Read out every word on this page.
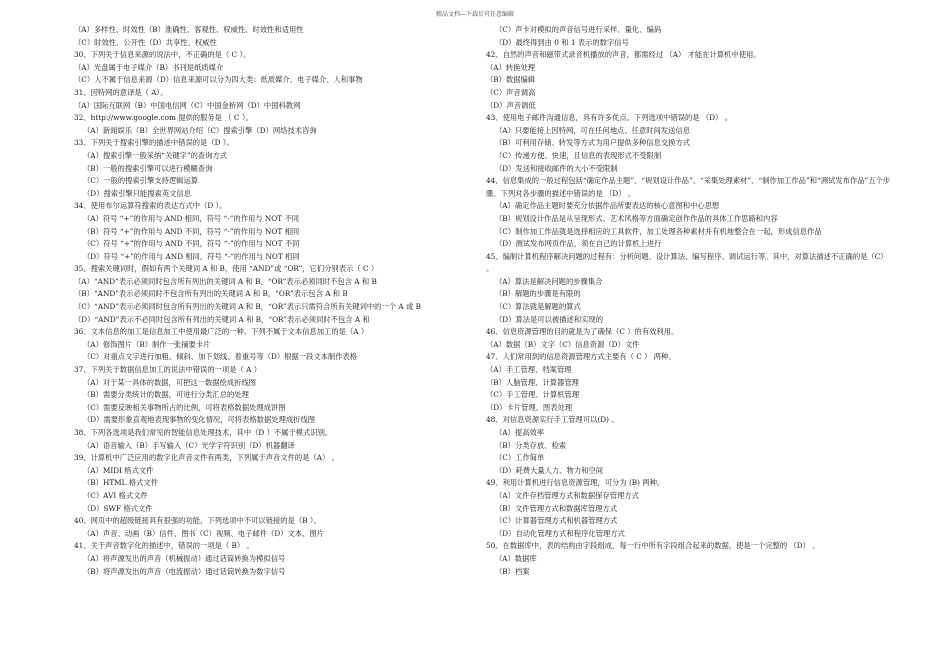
精品文档---下载后可任意编辑
（A）多样性、时效性（B）准确性、客观性、权威性、时效性和适用性
（C）时效性、公开性（D）共享性、权威性
30、下列关于信息来源的说法中，不正确的是（ C ）。
（A）光盘属于电子媒介（B）书刊是纸质媒介
（C）人不属于信息来源（D）信息来源可以分为四大类：纸质媒介、电子媒介、人和事物
31、因特网的意译是（ A）。
（A）国际互联网（B）中国电信网（C）中国金桥网（D）中国科教网
32、http://www.google.com 提供的服务是 （ C ）。
（A）新闻娱乐（B）全世界网站介绍（C）搜索引擎（D）网络技术咨询
33、下列关于搜索引擎的描述中错误的是（D ）。
（A）搜索引擎一般采纳“关键字”的查询方式
（B）一般的搜索引擎可以进行模糊查询
（C）一般的搜索引擎支持逻辑运算
（D）搜索引擎只能搜索英文信息
34、使用布尔运算符搜索的表达方式中（D ）。
（A）符号 “+”的作用与 AND 相同，符号 “-”的作用与 NOT 不同
（B）符号 “+”的作用与 AND 不同，符号 “-”的作用与 NOT 相同
（C）符号 “+”的作用与 AND 不同，符号 “-”的作用与 NOT 不同
（D）符号 “+”的作用与 AND 相同，符号 “-”的作用与 NOT 相同
35、搜索关键词时，假如有两个关键词 A 和 B，使用 “AND”或 “OR”，它们分别表示（ C ）
（A）“AND”表示必须同时包含所有列出的关键词 A 和 B，“OR”表示必须同时不包含 A 和 B
（B）“AND”表示必须同时不包含所有列出的关键词 A 和 B，“OR”表示包含 A 和 B
（C）“AND”表示必须同时包含所有列出的关键词 A 和 B，“OR”表示只需符合所有关键词中的一个 A 或 B
（D）“AND”表示不必同时包含所有列出的关键词 A 和 B，“OR”表示必须同时不包含 A 和
36、文本信息的加工是信息加工中使用最广泛的一种。下列不属于文本信息加工的是（A ）
（A）修饰图片（B）制作一张摘要卡片
（C）对重点文字进行加粗、倾斜、加下划线、着重号等（D）根据一段文本制作表格
37、下列关于数据信息加工的说法中错误的一项是（ A ）
（A）对于某一具体的数据，可把这一数据绘成折线图
（B）需要分类统计的数据，可进行分类汇总的处理
（C）需要反映相关事物所占的比例，可将表格数据处理成饼图
（D）需要形象直观地表现事物的变化情况，可将表格数据处理成折线图
38、下列各选项是我们常见的智能信息处理技术，其中（D ）不属于模式识别。
（A）语音输入（B）手写输入（C）光学字符识别（D）机器翻译
39、计算机中广泛应用的数字化声音文件有两类，下列属于声音文件的是（A） 。
（A）MIDI 格式文件
（B）HTML 格式文件
（C）AVI 格式文件
（D）SWF 格式文件
40、网页中的超级链接具有很强的功能，下列选项中不可以链接的是（B ）。
（A）声音、动画（B）信件、图书（C）视频、电子邮件（D）文本、图片
41、关于声音数字化的描述中，错误的一项是（ B） 。
（A）将声源发出的声音（机械振动）通过话筒转换为模拟信号
（B）将声源发出的声音（电流振动）通过话筒转换为数字信号
（C）声卡对模拟的声音信号进行采样、量化、编码
（D）最终得到由 0 和 1 表示的数字信号
42、自然的声音和磁带式录音机播放的声音，都需经过 （A） 才能在计算机中使用。
（A）转换处理
（B）数据编辑
（C）声音调高
（D）声音调低
43、使用电子邮件沟通信息，具有许多优点。下列选项中错误的是 （D） 。
（A）只要能接上因特网，可在任何地点、任意时间发送信息
（B）可利用存储、转发等方式为用户提供多种信息交换方式
（C）传递方便、快速，且信息的表现形式不受限制
（D）发送和接收邮件的大小不受限制
44、信息集成的一般过程包括“确定作品主题”、“规划设计作品”、“采集处理素材”、“制作加工作品”和“测试发布作品”五个步骤。下列对各步骤的描述中错误的是 （D） 。
（A）确定作品主题时要充分依据作品所要表达的核心意图和中心思想
（B）规划设计作品是从呈现形式、艺术风格等方面确定创作作品的具体工作思路和内容
（C）制作加工作品就是选择相应的工具软件，加工处理各种素材并有机地整合在一起，形成信息作品
（D）测试发布网页作品，须在自己的计算机上进行
45、编制计算机程序解决问题的过程有：分析问题、设计算法、编写程序、调试运行等。其中，对算法描述不正确的是（C） 。
（A）算法是解决问题的步骤集合
（B）解题的步骤是有限的
（C）算法就是解题的算式
（D）算法是可以被描述和实现的
46、信息资源管理的目的就是为了确保（C ）的有效利用。
（A）数据（B）文字（C）信息资源（D）文件
47、人们常用到的信息资源管理方式主要有（ C ） 两种。
（A）手工管理、档案管理
（B）人脑管理、计算器管理
（C）手工管理、计算机管理
（D）卡片管理、图表处理
48、对信息资源实行手工管理可以(D) 。
（A）提高效率
（B）分类存放、检索
（C）工作简单
（D）耗费大量人力、物力和空间
49、利用计算机进行信息资源管理，可分为 (B) 两种。
（A）文件存档管理方式和数据保存管理方式
（B）文件管理方式和数据库管理方式
（C）计算器管理方式和机器管理方式
（D）自动化管理方式和程序化管理方式
50、在数据库中，表的结构由字段组成，每一行中所有字段组合起来的数据，使是一个完整的 （D） 。
（A）数据库
（B）档案
